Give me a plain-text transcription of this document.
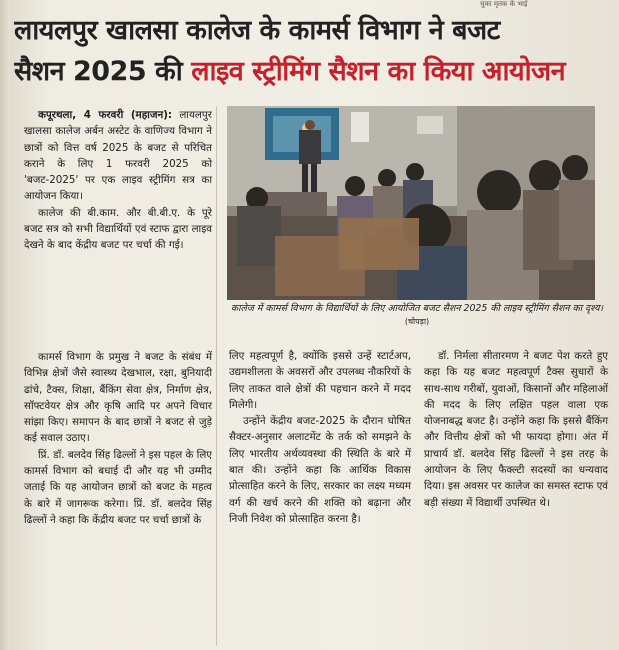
चुका मृतक के भाई
लायलपुर खालसा कालेज के कामर्स विभाग ने बजट
सैशन 2025 की लाइव स्ट्रीमिंग सैशन का किया आयोजन
कालेज में कामर्स विभाग के विद्यार्थियों के लिए आयोजित बजट सैशन 2025 की लाइव स्ट्रीमिंग सैशन का दृश्य। (चोपड़ा)

कपूरथला, 4 फरवरी (महाजन): लायलपुर खालसा कालेज अर्बन अस्टेट के वाणिज्य विभाग ने छात्रों को वित्त वर्ष 2025 के बजट से परिचित कराने के लिए 1 फरवरी 2025 को 'बजट-2025' पर एक लाइव स्ट्रीमिंग सत्र का आयोजन किया।

कालेज की बी.काम. और बी.बी.ए. के पूरे बजट सत्र को सभी विद्यार्थियों एवं स्टाफ द्वारा लाइव देखने के बाद केंद्रीय बजट पर चर्चा की गई।

कामर्स विभाग के प्रमुख ने बजट के संबंध में विभिन्न क्षेत्रों जैसे स्वास्थ्य देखभाल, रक्षा, बुनियादी ढांचे, टैक्स, शिक्षा, बैंकिंग सेवा क्षेत्र, निर्माण क्षेत्र, सॉफ्टवेयर क्षेत्र और कृषि आदि पर अपने विचार सांझा किए। समापन के बाद छात्रों ने बजट से जुड़े कई सवाल उठाए।

प्रिं. डॉ. बलदेव सिंह ढिल्लों ने इस पहल के लिए कामर्स विभाग को बधाई दी और यह भी उम्मीद जताई कि यह आयोजन छात्रों को बजट के महत्व के बारे में जागरूक करेगा। प्रिं. डॉ. बलदेव सिंह ढिल्लों ने कहा कि केंद्रीय बजट पर चर्चा छात्रों के

लिए महत्वपूर्ण है, क्योंकि इससे उन्हें स्टार्टअप, उद्यमशीलता के अवसरों और उपलब्ध नौकरियों के लिए ताकत वाले क्षेत्रों की पहचान करने में मदद मिलेगी।

उन्होंने केंद्रीय बजट-2025 के दौरान घोषित सैक्टर-अनुसार अलाटमेंट के तर्क को समझने के लिए भारतीय अर्थव्यवस्था की स्थिति के बारे में बात की। उन्होंने कहा कि आर्थिक विकास प्रोत्साहित करने के लिए, सरकार का लक्ष्य मध्यम वर्ग की खर्च करने की शक्ति को बढ़ाना और निजी निवेश को प्रोत्साहित करना है।

डॉ. निर्मला सीतारमण ने बजट पेश करते हुए कहा कि यह बजट महत्वपूर्ण टैक्स सुधारों के साथ-साथ गरीबों, युवाओं, किसानों और महिलाओं की मदद के लिए लक्षित पहल वाला एक योजनाबद्ध बजट है। उन्होंने कहा कि इससे बैंकिंग और वित्तीय क्षेत्रों को भी फायदा होगा। अंत में प्राचार्य डॉ. बलदेव सिंह ढिल्लों ने इस तरह के आयोजन के लिए फैक्ल्टी सदस्यों का धन्यवाद दिया। इस अवसर पर कालेज का समस्त स्टाफ एवं बड़ी संख्या में विद्यार्थी उपस्थित थे।
